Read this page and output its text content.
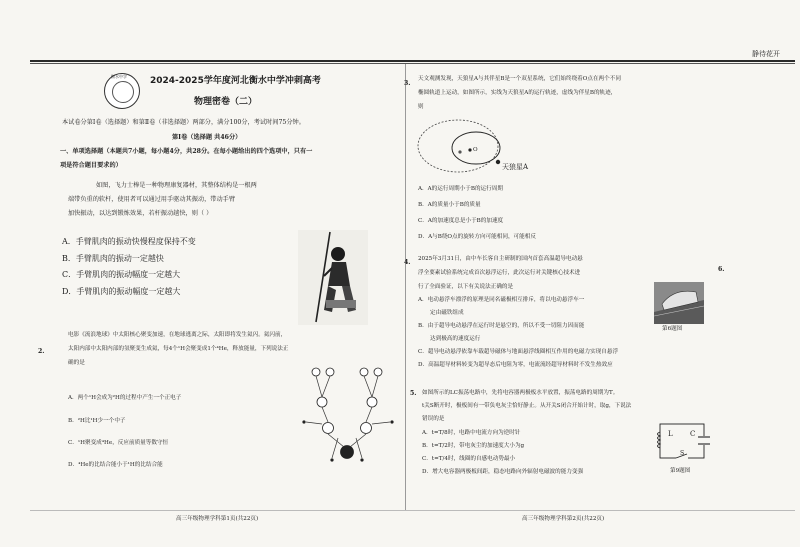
静待花开
衡水中学	2024-2025学年度河北衡水中学冲刺高考
物理密卷（二）
本试卷分第Ⅰ卷（选择题）和第Ⅱ卷（非选择题）两部分，满分100分，考试时间75分钟。
第Ⅰ卷（选择题 共46分）
一、单项选择题（本题共7小题，每小题4分，共28分。在每小题给出的四个选项中，只有一
项是符合题目要求的）
如图，飞力士棒是一种物理康复器材，其整体结构是一根两
端带负重的软杆，使用者可以通过用手驱动其振动，带动手臂
加快振动，以达到锻炼效果，若杆振动越快，则（ ）
A．手臂肌肉的振动快慢程度保持不变
B．手臂肌肉的振动一定越快
C．手臂肌肉的振动幅度一定越大
D．手臂肌肉的振动幅度一定越大
2.
电影《流浪地球》中太阳核心聚变加速，在地球逃离之际，太阳即将发生氦闪。氦闪前，
太阳内部中太阳内部的氢聚变生成氦，每4个¹H会聚变成1个⁴He，释放能量，下列说法正
确的是
A．两个¹H会成为²H的过程中产生一个正电子
B．²H比¹H少一个中子
C．¹H聚变成⁴He，反应前质量等数守恒
D．⁴He的比结合能小于¹H的比结合能
3.
天文观测发现，天狼星A与其伴星B是一个双星系统，它们始终绕着O点在两个不同
椭圆轨道上运动，如图所示，实线为天狼星A的运行轨迹，虚线为伴星B的轨迹，
则
O
天狼星A
A．A的运行周期小于B的运行周期
B．A的质量小于B的质量
C．A的加速度总是小于B的加速度
D．A与B绕O点的旋转方向可能相同，可能相反
4. 2025年3月31日，由中车长客自主研制的国内首套高温超导电动悬
浮全要素试验系统完成首次悬浮运行，此次运行对关键核心技术进
行了全面验证，以下有关说法正确的是
A．电动悬浮车漂浮的原理是同名磁极相互排斥，将以电动悬浮车一
定由磁铁组成
B．由于超导电动悬浮在运行时是悬空的，所以不受一切阻力因而能
达到极高的速度运行
C．超导电动悬浮依靠车载超导磁体与地面悬浮线圈相互作用的电磁力实现自悬浮
D．高温超导材料转变为超导态后电阻为零，电流流经超导材料时不发生热效应
第6题图
6.
5. 如图所示的LC振荡电路中，先将电容器两极板水平放置，振荡电路的周期为T。
t关S断开时，极板间有一带负电灰尘恰好静止。从开关S闭合开始计时，取g，下说法
错误的是
A．t=T/8时，电路中电流方向为逆时针
B．t=T/2时，带电灰尘的加速度大小为g
C．t=T/4时，线圈的自感电动势最小
D．增大电容器两极板间距，稳态电路向外辐射电磁波的能力变强
L C
S
第9题图
高三年级物理学科第1页(共22页)	高三年级物理学科第2页(共22页)
